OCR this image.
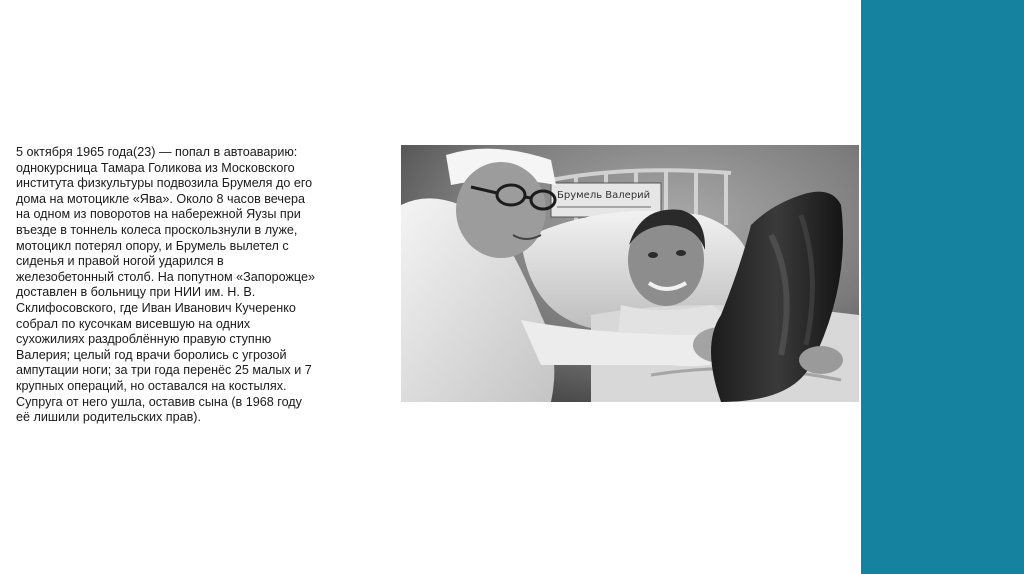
5 октября 1965 года(23) — попал в автоаварию: однокурсница Тамара Голикова из Московского института физкультуры подвозила Брумеля до его дома на мотоцикле «Ява». Около 8 часов вечера на одном из поворотов на набережной Яузы при въезде в тоннель колеса проскользнули в луже, мотоцикл потерял опору, и Брумель вылетел с сиденья и правой ногой ударился в железобетонный столб. На попутном «Запорожце» доставлен в больницу при НИИ им. Н. В. Склифосовского, где Иван Иванович Кучеренко собрал по кусочкам висевшую на одних сухожилиях раздроблённую правую ступню Валерия; целый год врачи боролись с угрозой ампутации ноги; за три года перенёс 25 малых и 7 крупных операций, но оставался на костылях. Супруга от него ушла, оставив сына (в 1968 году её лишили родительских прав).

Брумель Валерий
